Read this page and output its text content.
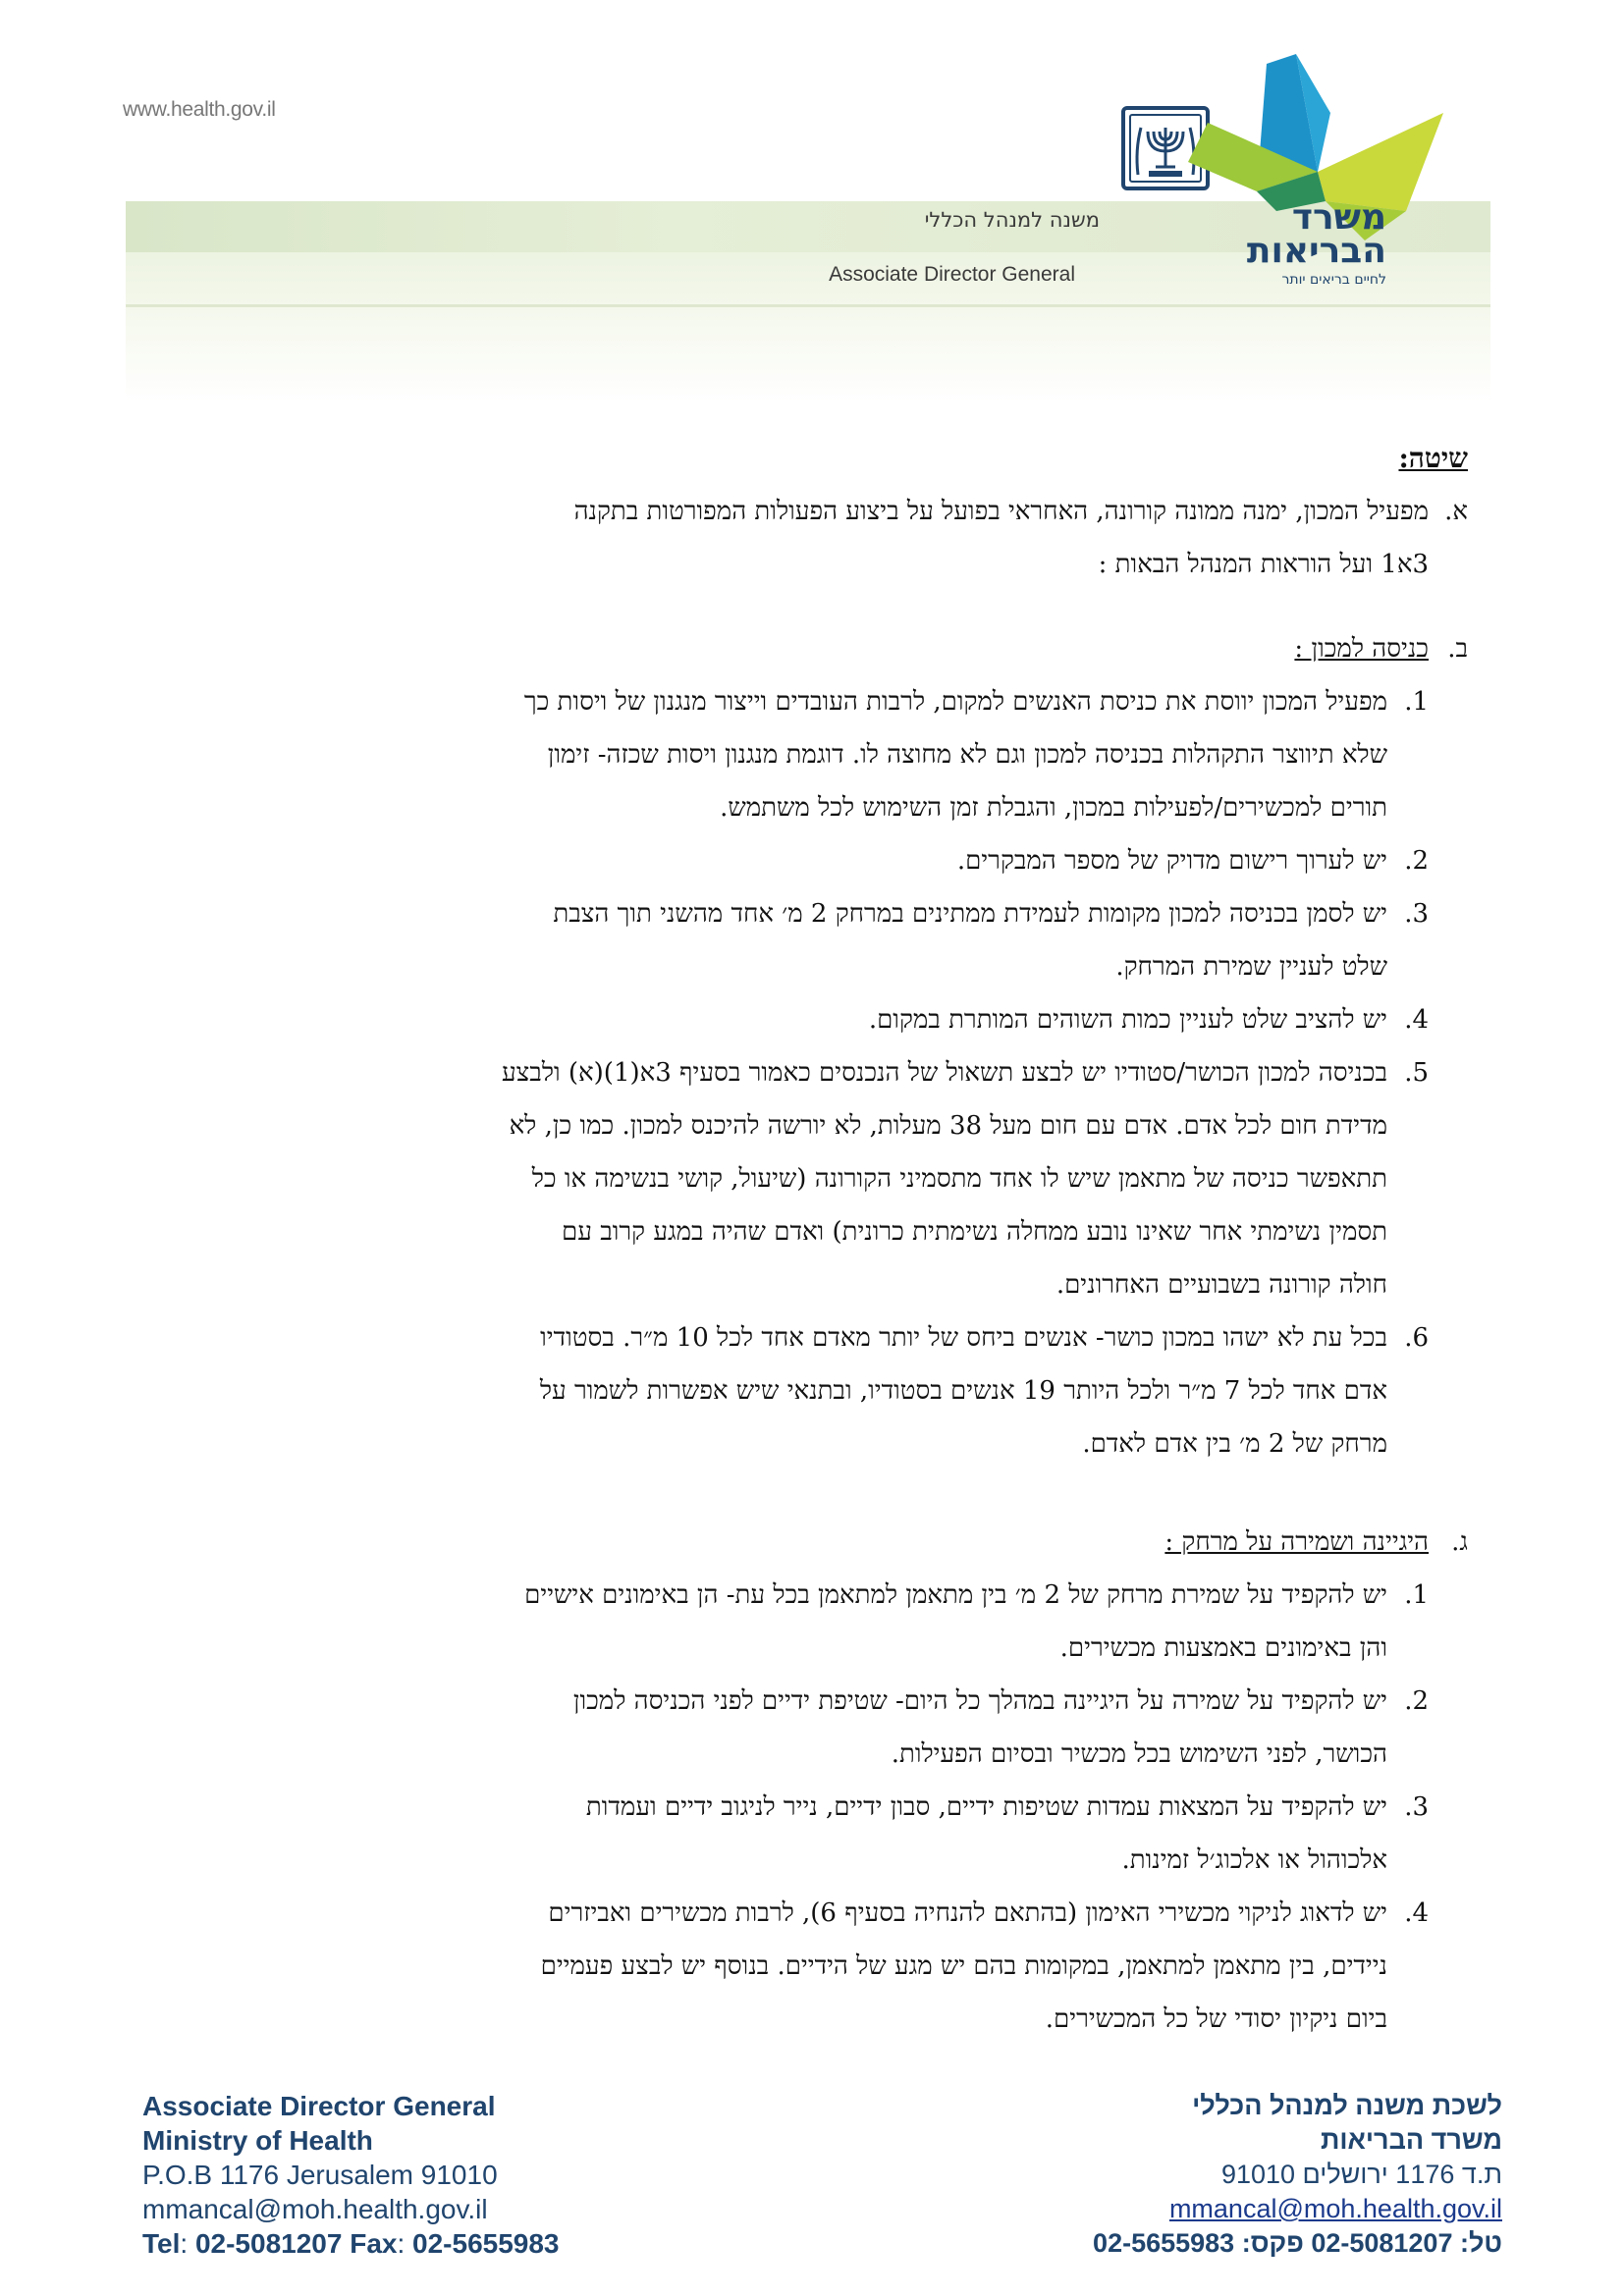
www.health.gov.il
משנה למנהל הכללי
Associate Director General
משרד
הבריאות
לחיים בריאים יותר
שיטה:
א.
מפעיל המכון, ימנה ממונה קורונה, האחראי בפועל על ביצוע הפעולות המפורטות בתקנה
3א1 ועל הוראות המנהל הבאות :
ב.
כניסה למכון :
1.
מפעיל המכון יווסת את כניסת האנשים למקום, לרבות העובדים וייצור מנגנון של ויסות כך
שלא תיווצר התקהלות בכניסה למכון וגם לא מחוצה לו. דוגמת מנגנון ויסות שכזה- זימון
תורים למכשירים/לפעילות במכון, והגבלת זמן השימוש לכל משתמש.
2.
יש לערוך רישום מדויק של מספר המבקרים.
3.
יש לסמן בכניסה למכון מקומות לעמידת ממתינים במרחק 2 מ׳ אחד מהשני תוך הצבת
שלט לעניין שמירת המרחק.
4.
יש להציב שלט לעניין כמות השוהים המותרת במקום.
5.
בכניסה למכון הכושר/סטודיו יש לבצע תשאול של הנכנסים כאמור בסעיף 3א(1)(א) ולבצע
מדידת חום לכל אדם. אדם עם חום מעל 38 מעלות, לא יורשה להיכנס למכון. כמו כן, לא
תתאפשר כניסה של מתאמן שיש לו אחד מתסמיני הקורונה (שיעול, קושי בנשימה או כל
תסמין נשימתי אחר שאינו נובע ממחלה נשימתית כרונית) ואדם שהיה במגע קרוב עם
חולה קורונה בשבועיים האחרונים.
6.
בכל עת לא ישהו במכון כושר- אנשים ביחס של יותר מאדם אחד לכל 10 מ״ר. בסטודיו
אדם אחד לכל 7 מ״ר ולכל היותר 19 אנשים בסטודיו, ובתנאי שיש אפשרות לשמור על
מרחק של 2 מ׳ בין אדם לאדם.
ג.
היגיינה ושמירה על מרחק :
1.
יש להקפיד על שמירת מרחק של 2 מ׳ בין מתאמן למתאמן בכל עת- הן באימונים אישיים
והן באימונים באמצעות מכשירים.
2.
יש להקפיד על שמירה על היגיינה במהלך כל היום- שטיפת ידיים לפני הכניסה למכון
הכושר, לפני השימוש בכל מכשיר ובסיום הפעילות.
3.
יש להקפיד על המצאות עמדות שטיפות ידיים, סבון ידיים, נייר לניגוב ידיים ועמדות
אלכוהול או אלכוג׳ל זמינות.
4.
יש לדאוג לניקוי מכשירי האימון (בהתאם להנחיה בסעיף 6), לרבות מכשירים ואביזרים
ניידים, בין מתאמן למתאמן, במקומות בהם יש מגע של הידיים. בנוסף יש לבצע פעמיים
ביום ניקיון יסודי של כל המכשירים.
Associate Director General
Ministry of Health
P.O.B 1176 Jerusalem 91010
mmancal@moh.health.gov.il
Tel: 02-5081207 Fax: 02-5655983
לשכת משנה למנהל הכללי
משרד הבריאות
ת.ד 1176 ירושלים 91010
mmancal@moh.health.gov.il
טל: 02-5081207 פקס: 02-5655983
